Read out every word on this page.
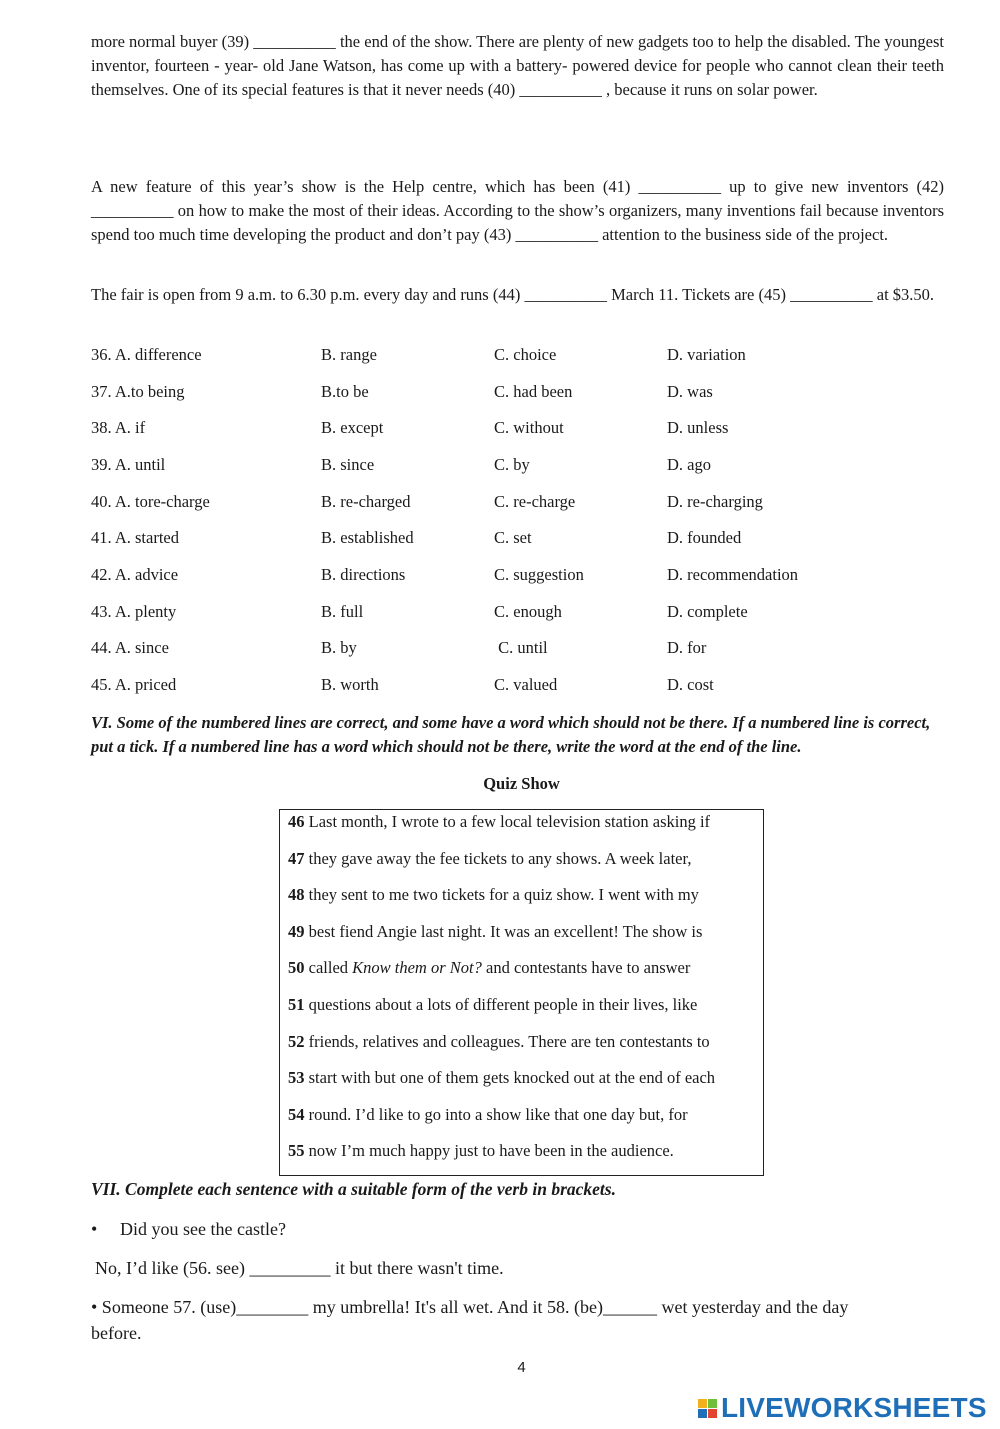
more normal buyer (39) __________ the end of the show. There are plenty of new gadgets too to help the disabled. The youngest inventor, fourteen - year- old Jane Watson, has come up with a battery- powered device for people who cannot clean their teeth themselves. One of its special features is that it never needs (40) __________ , because it runs on solar power.

A new feature of this year’s show is the Help centre, which has been (41) __________ up to give new inventors (42) __________ on how to make the most of their ideas. According to the show’s organizers, many inventions fail because inventors spend too much time developing the product and don’t pay (43) __________ attention to the business side of the project.

The fair is open from 9 a.m. to 6.30 p.m. every day and runs (44) __________ March 11. Tickets are (45) __________ at $3.50.

36. A. difference	B. range	C. choice	D. variation
37. A.to being	B.to be	C. had been	D. was
38. A. if	B. except	C. without	D. unless
39. A. until	B. since	C. by	D. ago
40. A. tore-charge	B. re-charged	C. re-charge	D. re-charging
41. A. started	B. established	C. set	D. founded
42. A. advice	B. directions	C. suggestion	D. recommendation
43. A. plenty	B. full	C. enough	D. complete
44. A. since	B. by	C. until	D. for
45. A. priced	B. worth	C. valued	D. cost

VI. Some of the numbered lines are correct, and some have a word which should not be there. If a numbered line is correct, put a tick. If a numbered line has a word which should not be there, write the word at the end of the line.

Quiz Show
46 Last month, I wrote to a few local television station asking if
47 they gave away the fee tickets to any shows. A week later,
48 they sent to me two tickets for a quiz show. I went with my
49 best fiend Angie last night. It was an excellent! The show is
50 called Know them or Not? and contestants have to answer
51 questions about a lots of different people in their lives, like
52 friends, relatives and colleagues. There are ten contestants to
53 start with but one of them gets knocked out at the end of each
54 round. I’d like to go into a show like that one day but, for
55 now I’m much happy just to have been in the audience.

VII. Complete each sentence with a suitable form of the verb in brackets.

• Did you see the castle?
No, I’d like (56. see) _________ it but there wasn't time.
• Someone 57. (use)________ my umbrella! It's all wet. And it 58. (be)______ wet yesterday and the day
before.
4
LIVEWORKSHEETS
